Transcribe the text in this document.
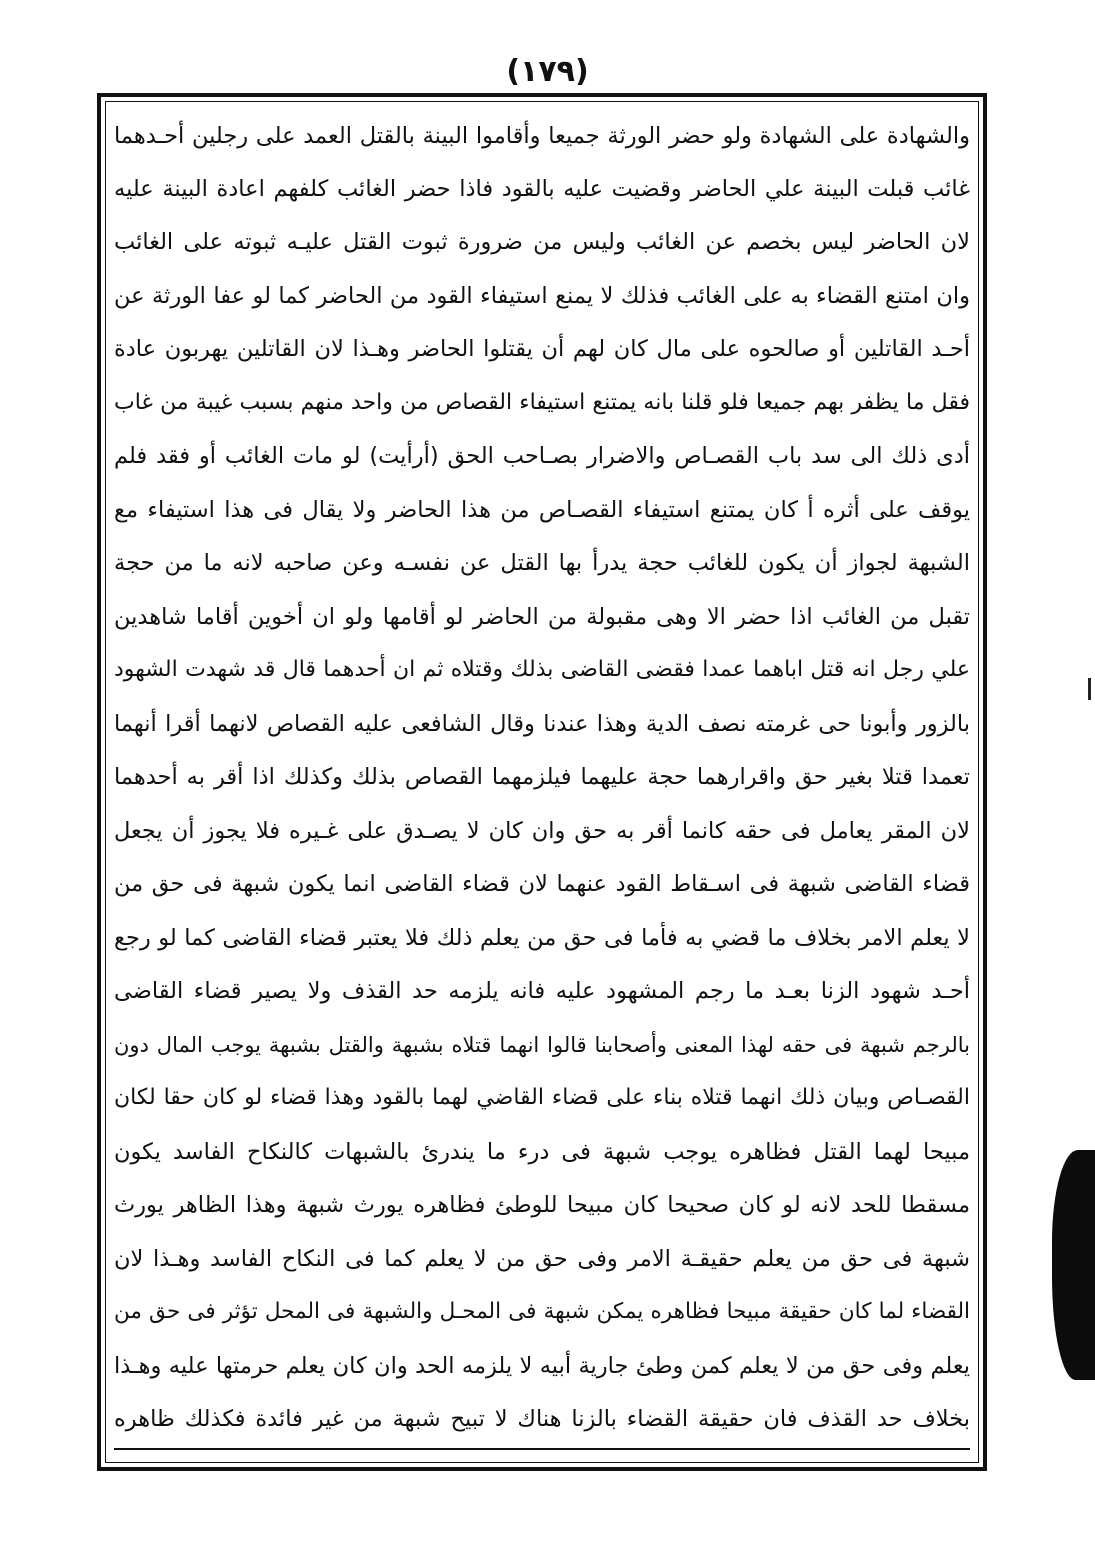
(١٧٩)
والشهادة على الشهادة ولو حضر الورثة جميعا وأقاموا البينة بالقتل العمد على رجلين أحـدهما
غائب قبلت البينة علي الحاضر وقضيت عليه بالقود فاذا حضر الغائب كلفهم اعادة البينة عليه
لان الحاضر ليس بخصم عن الغائب وليس من ضرورة ثبوت القتل عليـه ثبوته على الغائب
وان امتنع القضاء به على الغائب فذلك لا يمنع استيفاء القود من الحاضر كما لو عفا الورثة عن
أحـد القاتلين أو صالحوه على مال كان لهم أن يقتلوا الحاضر وهـذا لان القاتلين يهربون عادة
فقل ما يظفر بهم جميعا فلو قلنا بانه يمتنع استيفاء القصاص من واحد منهم بسبب غيبة من غاب
أدى ذلك الى سد باب القصـاص والاضرار بصـاحب الحق (أرأيت) لو مات الغائب أو فقد فلم
يوقف على أثره أ كان يمتنع استيفاء القصـاص من هذا الحاضر ولا يقال فى هذا استيفاء مع
الشبهة لجواز أن يكون للغائب حجة يدرأ بها القتل عن نفسـه وعن صاحبه لانه ما من حجة
تقبل من الغائب اذا حضر الا وهى مقبولة من الحاضر لو أقامها ولو ان أخوين أقاما شاهدين
علي رجل انه قتل اباهما عمدا فقضى القاضى بذلك وقتلاه ثم ان أحدهما قال قد شهدت الشهود
بالزور وأبونا حى غرمته نصف الدية وهذا عندنا وقال الشافعى عليه القصاص لانهما أقرا أنهما
تعمدا قتلا بغير حق واقرارهما حجة عليهما فيلزمهما القصاص بذلك وكذلك اذا أقر به أحدهما
لان المقر يعامل فى حقه كانما أقر به حق وان كان لا يصـدق على غـيره فلا يجوز أن يجعل
قضاء القاضى شبهة فى اسـقاط القود عنهما لان قضاء القاضى انما يكون شبهة فى حق من
لا يعلم الامر بخلاف ما قضي به فأما فى حق من يعلم ذلك فلا يعتبر قضاء القاضى كما لو رجع
أحـد شهود الزنا بعـد ما رجم المشهود عليه فانه يلزمه حد القذف ولا يصير قضاء القاضى
بالرجم شبهة فى حقه لهذا المعنى وأصحابنا قالوا انهما قتلاه بشبهة والقتل بشبهة يوجب المال دون
القصـاص وبيان ذلك انهما قتلاه بناء على قضاء القاضي لهما بالقود وهذا قضاء لو كان حقا لكان
مبيحا لهما القتل فظاهره يوجب شبهة فى درء ما يندرئ بالشبهات كالنكاح الفاسد يكون
مسقطا للحد لانه لو كان صحيحا كان مبيحا للوطئ فظاهره يورث شبهة وهذا الظاهر يورث
شبهة فى حق من يعلم حقيقـة الامر وفى حق من لا يعلم كما فى النكاح الفاسد وهـذا لان
القضاء لما كان حقيقة مبيحا فظاهره يمكن شبهة فى المحـل والشبهة فى المحل تؤثر فى حق من
يعلم وفى حق من لا يعلم كمن وطئ جارية أبيه لا يلزمه الحد وان كان يعلم حرمتها عليه وهـذا
بخلاف حد القذف فان حقيقة القضاء بالزنا هناك لا تبيح شبهة من غير فائدة فكذلك ظاهره
